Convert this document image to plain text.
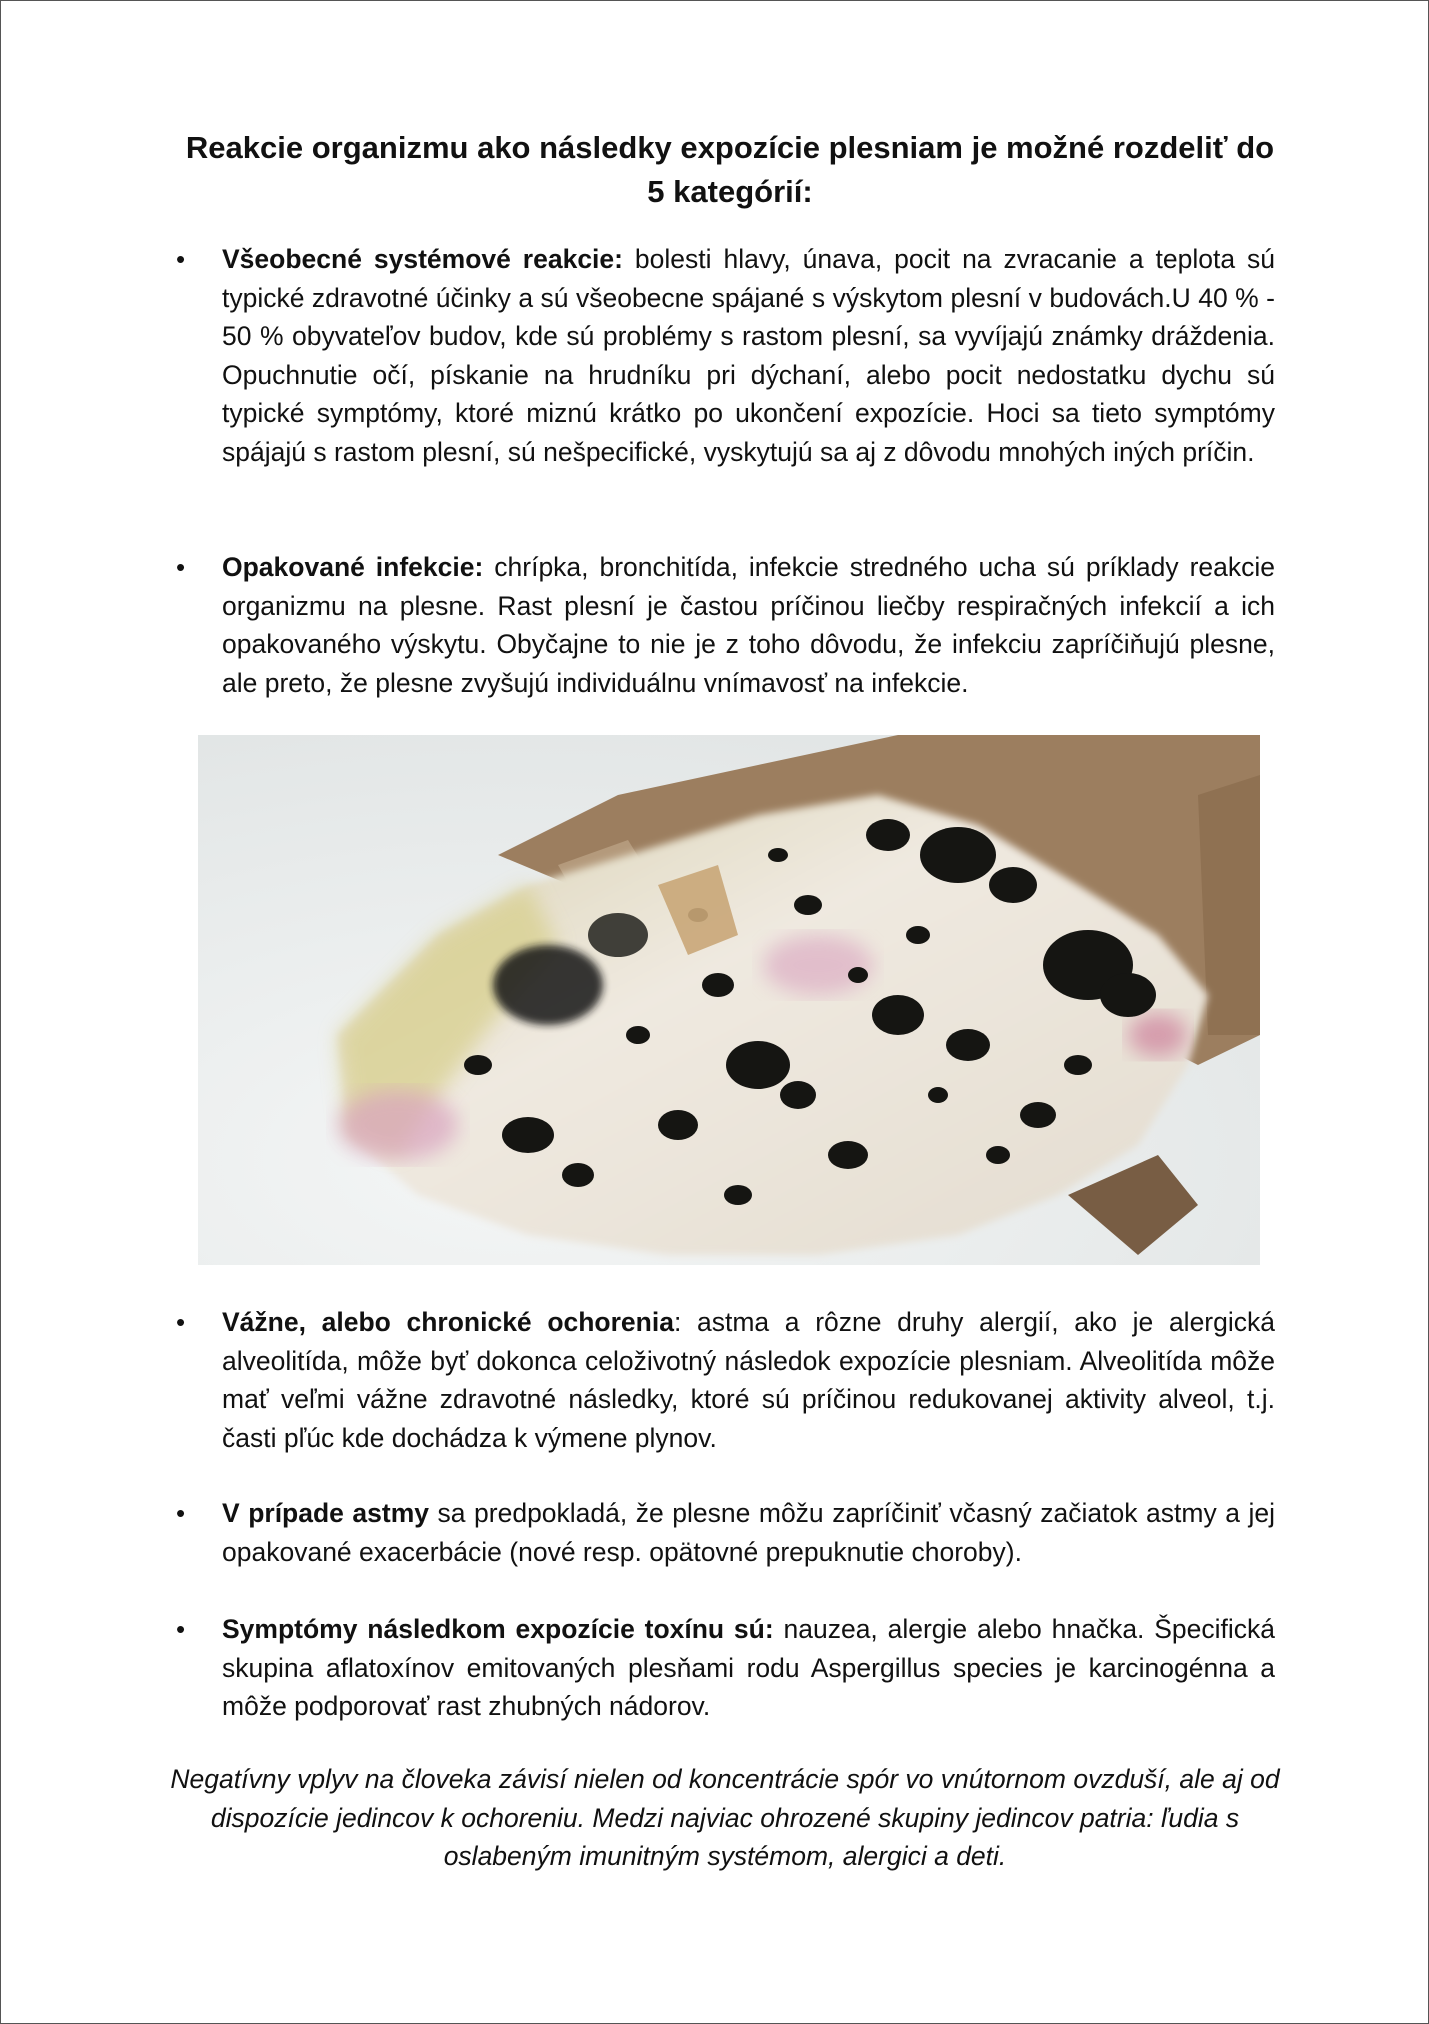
Reakcie organizmu ako následky expozície plesniam je možné rozdeliť do 5 kategórií:
• Všeobecné systémové reakcie: bolesti hlavy, únava, pocit na zvracanie a teplota sú typické zdravotné účinky a sú všeobecne spájané s výskytom plesní v budovách.U 40 % - 50 % obyvateľov budov, kde sú problémy s rastom plesní, sa vyvíjajú známky dráždenia. Opuchnutie očí, pískanie na hrudníku pri dýchaní, alebo pocit nedostatku dychu sú typické symptómy, ktoré miznú krátko po ukončení expozície. Hoci sa tieto symptómy spájajú s rastom plesní, sú nešpecifické, vyskytujú sa aj z dôvodu mnohých iných príčin.
• Opakované infekcie: chrípka, bronchitída, infekcie stredného ucha sú príklady reakcie organizmu na plesne. Rast plesní je častou príčinou liečby respiračných infekcií a ich opakovaného výskytu. Obyčajne to nie je z toho dôvodu, že infekciu zapríčiňujú plesne, ale preto, že plesne zvyšujú individuálnu vnímavosť na infekcie.
• Vážne, alebo chronické ochorenia: astma a rôzne druhy alergií, ako je alergická alveolitída, môže byť dokonca celoživotný následok expozície plesniam. Alveolitída môže mať veľmi vážne zdravotné následky, ktoré sú príčinou redukovanej aktivity alveol, t.j. časti pľúc kde dochádza k výmene plynov.
• V prípade astmy sa predpokladá, že plesne môžu zapríčiniť včasný začiatok astmy a jej opakované exacerbácie (nové resp. opätovné prepuknutie choroby).
• Symptómy následkom expozície toxínu sú: nauzea, alergie alebo hnačka. Špecifická skupina aflatoxínov emitovaných plesňami rodu Aspergillus species je karcinogénna a môže podporovať rast zhubných nádorov.
Negatívny vplyv na človeka závisí nielen od koncentrácie spór vo vnútornom ovzduší, ale aj od dispozície jedincov k ochoreniu. Medzi najviac ohrozené skupiny jedincov patria: ľudia s oslabeným imunitným systémom, alergici a deti.
